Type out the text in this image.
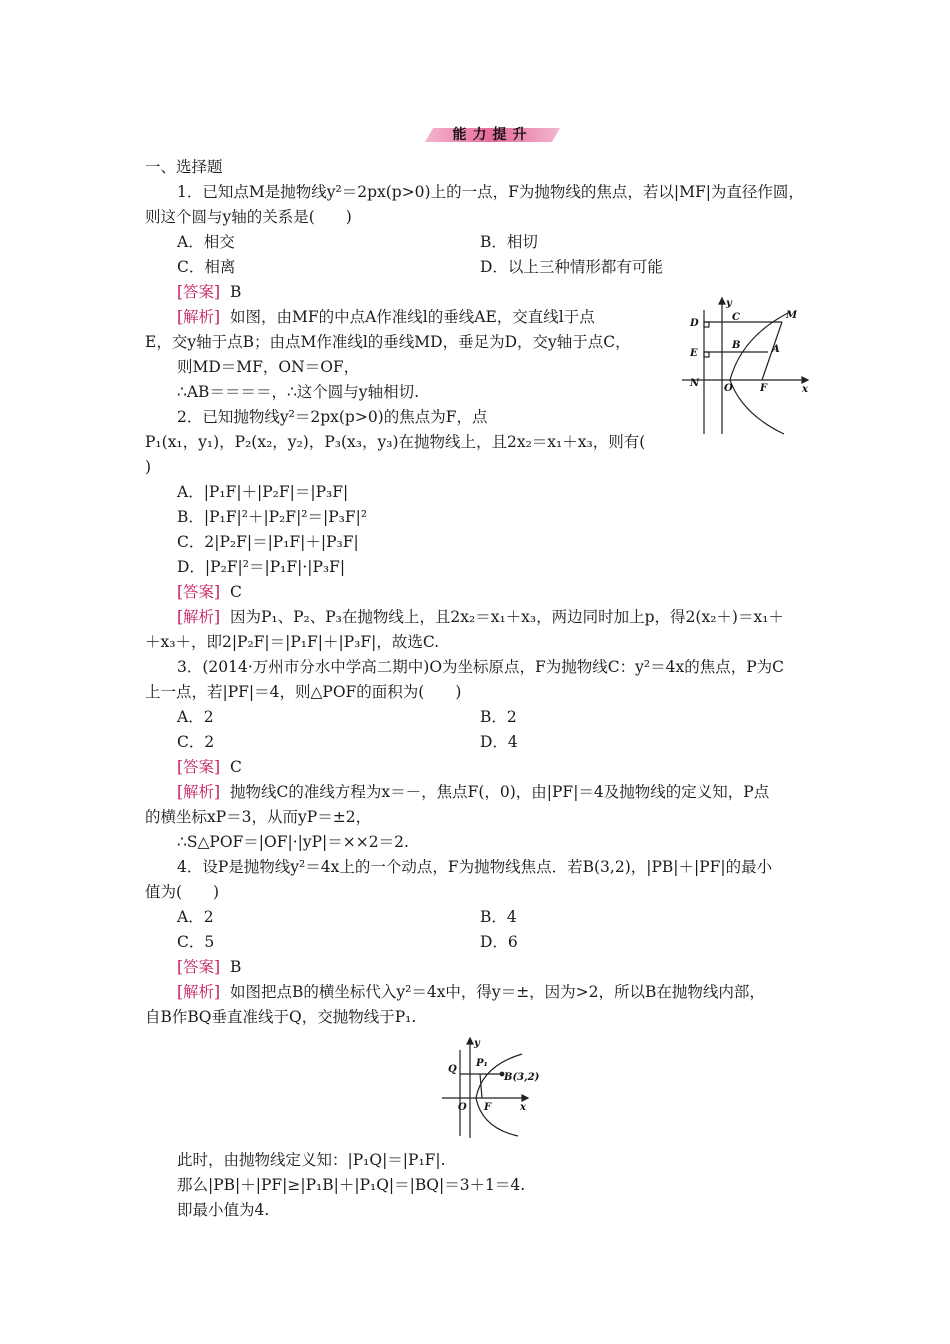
能力提升
一、选择题
1．已知点M是抛物线y²＝2px(p>0)上的一点，F为抛物线的焦点，若以|MF|为直径作圆，
则这个圆与y轴的关系是(　　)
A．相交	B．相切
C．相离	D．以上三种情形都有可能
[答案] B
[解析] 如图，由MF的中点A作准线l的垂线AE，交直线l于点
E，交y轴于点B；由点M作准线l的垂线MD，垂足为D，交y轴于点C，
则MD＝MF，ON＝OF，
∴AB＝＝＝＝，∴这个圆与y轴相切.
y
D
C	M
E
B	A
N O	F	x
2．已知抛物线y²＝2px(p>0)的焦点为F，点
P₁(x₁，y₁)，P₂(x₂，y₂)，P₃(x₃，y₃)在抛物线上，且2x₂＝x₁＋x₃，则有(
)
A．|P₁F|＋|P₂F|＝|P₃F|
B．|P₁F|²＋|P₂F|²＝|P₃F|²
C．2|P₂F|＝|P₁F|＋|P₃F|
D．|P₂F|²＝|P₁F|·|P₃F|
[答案] C
[解析] 因为P₁、P₂、P₃在抛物线上，且2x₂＝x₁＋x₃，两边同时加上p，得2(x₂＋)＝x₁＋
＋x₃＋，即2|P₂F|＝|P₁F|＋|P₃F|，故选C.
3．(2014·万州市分水中学高二期中)O为坐标原点，F为抛物线C：y²＝4x的焦点，P为C
上一点，若|PF|＝4，则△POF的面积为(　　)
A．2	B．2
C．2	D．4
[答案] C
[解析] 抛物线C的准线方程为x＝－，焦点F(，0)，由|PF|＝4及抛物线的定义知，P点
的横坐标xP＝3，从而yP＝±2，
∴S△POF＝|OF|·|yP|＝××2＝2.
4．设P是抛物线y²＝4x上的一个动点，F为抛物线焦点．若B(3,2)，|PB|＋|PF|的最小
值为(　　)
A．2	B．4
C．5	D．6
[答案] B
[解析] 如图把点B的横坐标代入y²＝4x中，得y＝±，因为>2，所以B在抛物线内部，
自B作BQ垂直准线于Q，交抛物线于P₁.
y
Q
P₁
B(3,2)
O F	x
此时，由抛物线定义知：|P₁Q|＝|P₁F|.
那么|PB|＋|PF|≥|P₁B|＋|P₁Q|＝|BQ|＝3＋1＝4.
即最小值为4.
